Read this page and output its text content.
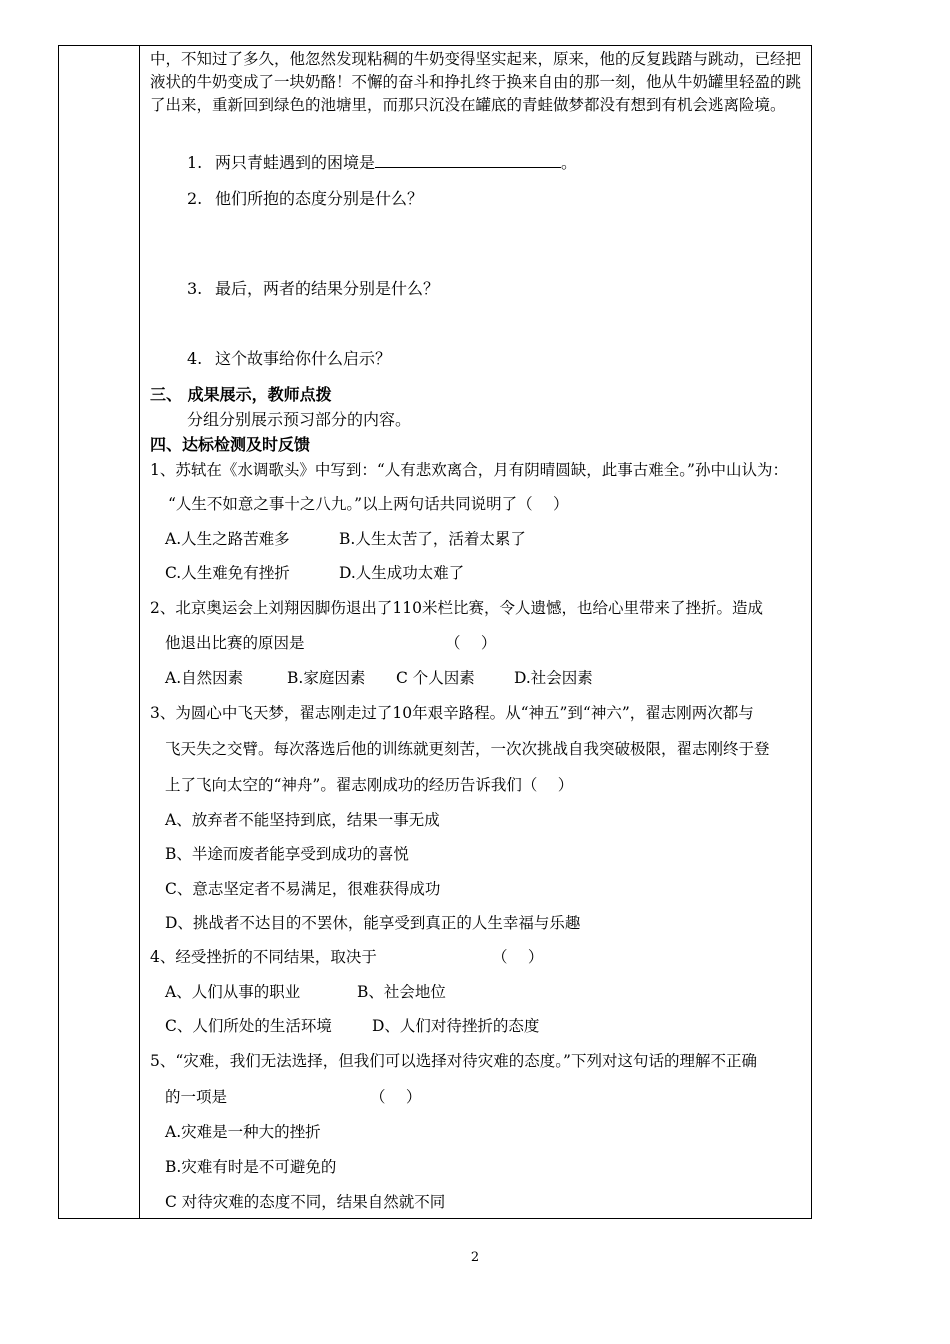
中，不知过了多久，他忽然发现粘稠的牛奶变得坚实起来，原来，他的反复践踏与跳动，已经把液状的牛奶变成了一块奶酪！不懈的奋斗和挣扎终于换来自由的那一刻，他从牛奶罐里轻盈的跳了出来，重新回到绿色的池塘里，而那只沉没在罐底的青蛙做梦都没有想到有机会逃离险境。

1. 两只青蛙遇到的困境是	。
2. 他们所抱的态度分别是什么？
3. 最后，两者的结果分别是什么？
4. 这个故事给你什么启示？
三、 成果展示，教师点拨
分组分别展示预习部分的内容。
四、达标检测及时反馈
1、苏轼在《水调歌头》中写到：“人有悲欢离合，月有阴晴圆缺，此事古难全。”孙中山认为：
“人生不如意之事十之八九。”以上两句话共同说明了（　 ）
A.人生之路苦难多	B.人生太苦了，活着太累了
C.人生难免有挫折	D.人生成功太难了
2、北京奥运会上刘翔因脚伤退出了110米栏比赛，令人遗憾，也给心里带来了挫折。造成
他退出比赛的原因是	（　 ）
A.自然因素	B.家庭因素 C 个人因素	D.社会因素
3、为圆心中飞天梦，翟志刚走过了10年艰辛路程。从“神五”到“神六”，翟志刚两次都与
飞天失之交臂。每次落选后他的训练就更刻苦，一次次挑战自我突破极限，翟志刚终于登
上了飞向太空的“神舟”。翟志刚成功的经历告诉我们（　 ）
A、放弃者不能坚持到底，结果一事无成
B、半途而废者能享受到成功的喜悦
C、意志坚定者不易满足，很难获得成功
D、挑战者不达目的不罢休，能享受到真正的人生幸福与乐趣
4、经受挫折的不同结果，取决于	（　 ）
A、人们从事的职业	B、社会地位
C、人们所处的生活环境	D、人们对待挫折的态度
5、“灾难，我们无法选择，但我们可以选择对待灾难的态度。”下列对这句话的理解不正确
的一项是	（　 ）
A.灾难是一种大的挫折
B.灾难有时是不可避免的
C 对待灾难的态度不同，结果自然就不同
2
